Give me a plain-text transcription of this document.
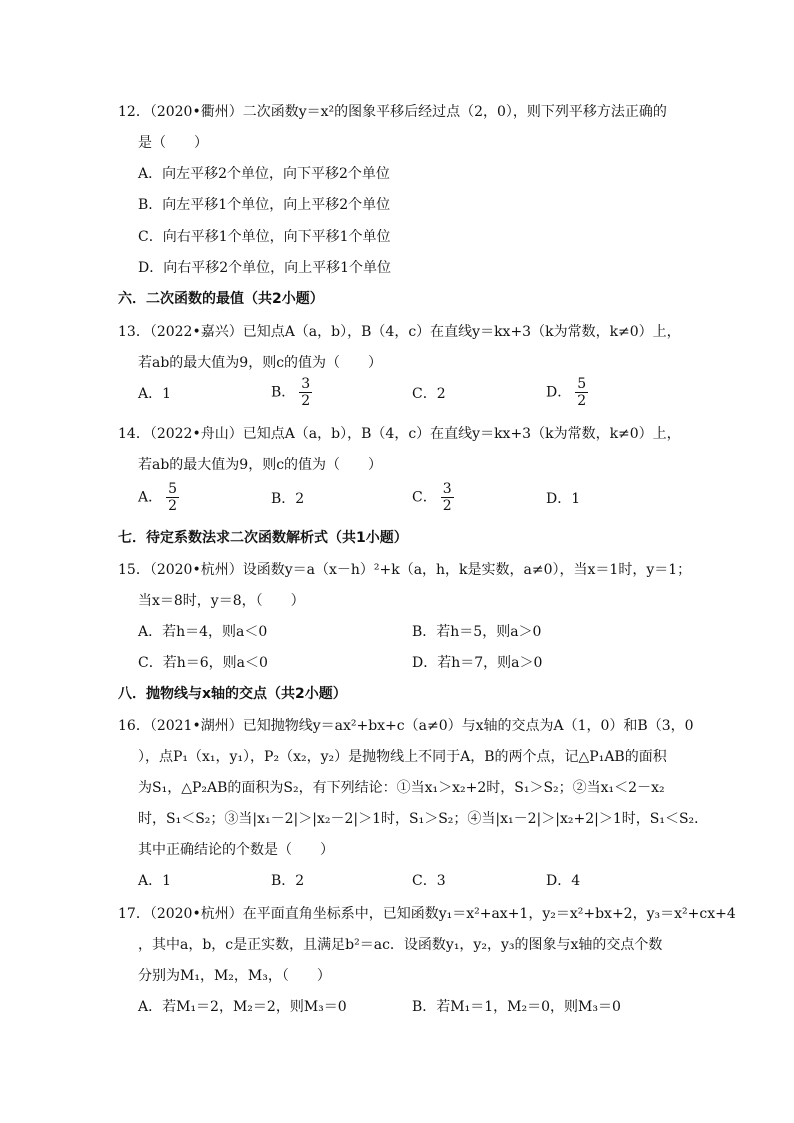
12．（2020•衢州）二次函数y＝x²的图象平移后经过点（2，0），则下列平移方法正确的
是（　　）
A．向左平移2个单位，向下平移2个单位
B．向左平移1个单位，向上平移2个单位
C．向右平移1个单位，向下平移1个单位
D．向右平移2个单位，向上平移1个单位
六．二次函数的最值（共2小题）
13．（2022•嘉兴）已知点A（a，b），B（4，c）在直线y＝kx+3（k为常数，k≠0）上，
若ab的最大值为9，则c的值为（　　）
A．1	B． $\frac{3}{2}$	C．2	D． $\frac{5}{2}$
14．（2022•舟山）已知点A（a，b），B（4，c）在直线y＝kx+3（k为常数，k≠0）上，
若ab的最大值为9，则c的值为（　　）
A． $\frac{5}{2}$	B．2	C． $\frac{3}{2}$	D．1
七．待定系数法求二次函数解析式（共1小题）
15．（2020•杭州）设函数y＝a（x－h）²+k（a，h，k是实数，a≠0），当x＝1时，y＝1；
当x＝8时，y＝8，（　　）
A．若h＝4，则a＜0	B．若h＝5，则a＞0
C．若h＝6，则a＜0	D．若h＝7，则a＞0
八．抛物线与x轴的交点（共2小题）
16．（2021•湖州）已知抛物线y＝ax²+bx+c（a≠0）与x轴的交点为A（1，0）和B（3，0
），点P₁（x₁，y₁），P₂（x₂，y₂）是抛物线上不同于A，B的两个点，记△P₁AB的面积
为S₁，△P₂AB的面积为S₂，有下列结论：①当x₁＞x₂+2时，S₁＞S₂；②当x₁＜2－x₂
时，S₁＜S₂；③当|x₁－2|＞|x₂－2|＞1时，S₁＞S₂；④当|x₁－2|＞|x₂+2|＞1时，S₁＜S₂．
其中正确结论的个数是（　　）
A．1	B．2	C．3	D．4
17．（2020•杭州）在平面直角坐标系中，已知函数y₁＝x²+ax+1，y₂＝x²+bx+2，y₃＝x²+cx+4
，其中a，b，c是正实数，且满足b²＝ac．设函数y₁，y₂，y₃的图象与x轴的交点个数
分别为M₁，M₂，M₃，（　　）
A．若M₁＝2，M₂＝2，则M₃＝0	B．若M₁＝1，M₂＝0，则M₃＝0
